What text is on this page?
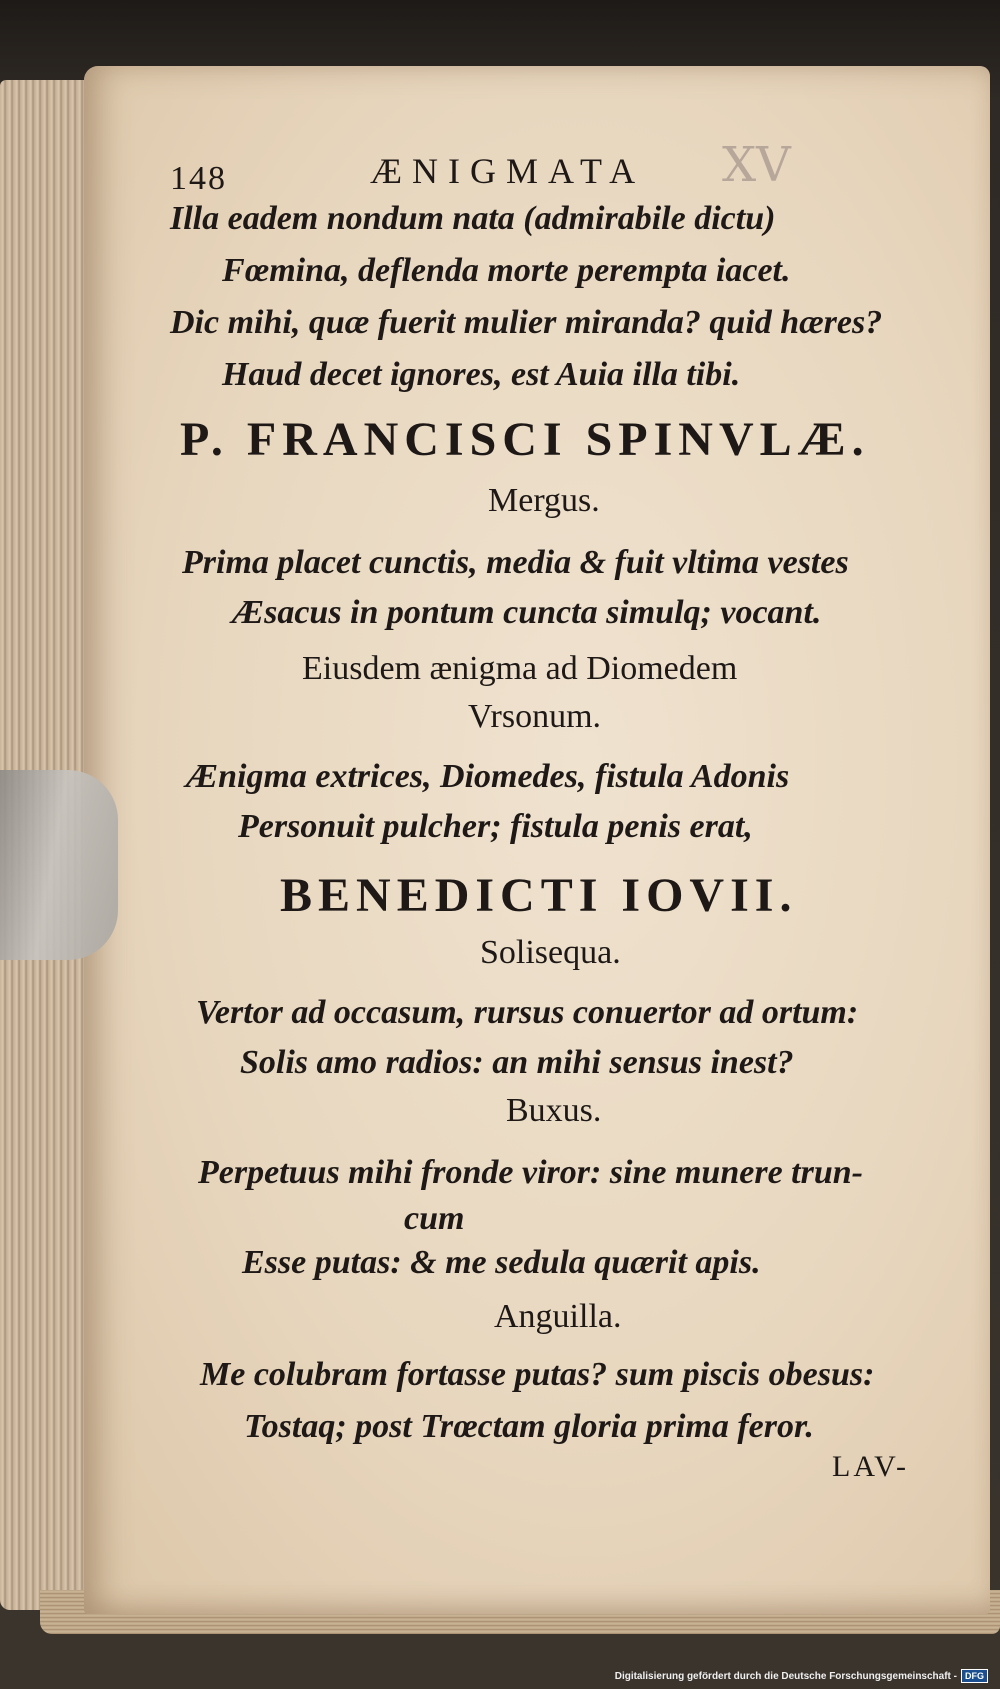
XV
148	ÆNIGMATA
Illa eadem nondum nata (admirabile dictu)
Fœmina, deflenda morte perempta iacet.
Dic mihi, quæ fuerit mulier miranda? quid hæres?
Haud decet ignores, est Auia illa tibi.
P. FRANCISCI SPINVLÆ.
Mergus.
Prima placet cunctis, media & fuit vltima vestes
Æsacus in pontum cuncta simulq; vocant.
Eiusdem ænigma ad Diomedem
Vrsonum.
Ænigma extrices, Diomedes, fistula Adonis
Personuit pulcher; fistula penis erat,
BENEDICTI IOVII.
Solisequa.
Vertor ad occasum, rursus conuertor ad ortum:
Solis amo radios: an mihi sensus inest?
Buxus.
Perpetuus mihi fronde viror: sine munere trun-
cum
Esse putas: & me sedula quærit apis.
Anguilla.
Me colubram fortasse putas? sum piscis obesus:
Tostaq; post Trœctam gloria prima feror.
LAV-
Digitalisierung gefördert durch die Deutsche Forschungsgemeinschaft - DFG
